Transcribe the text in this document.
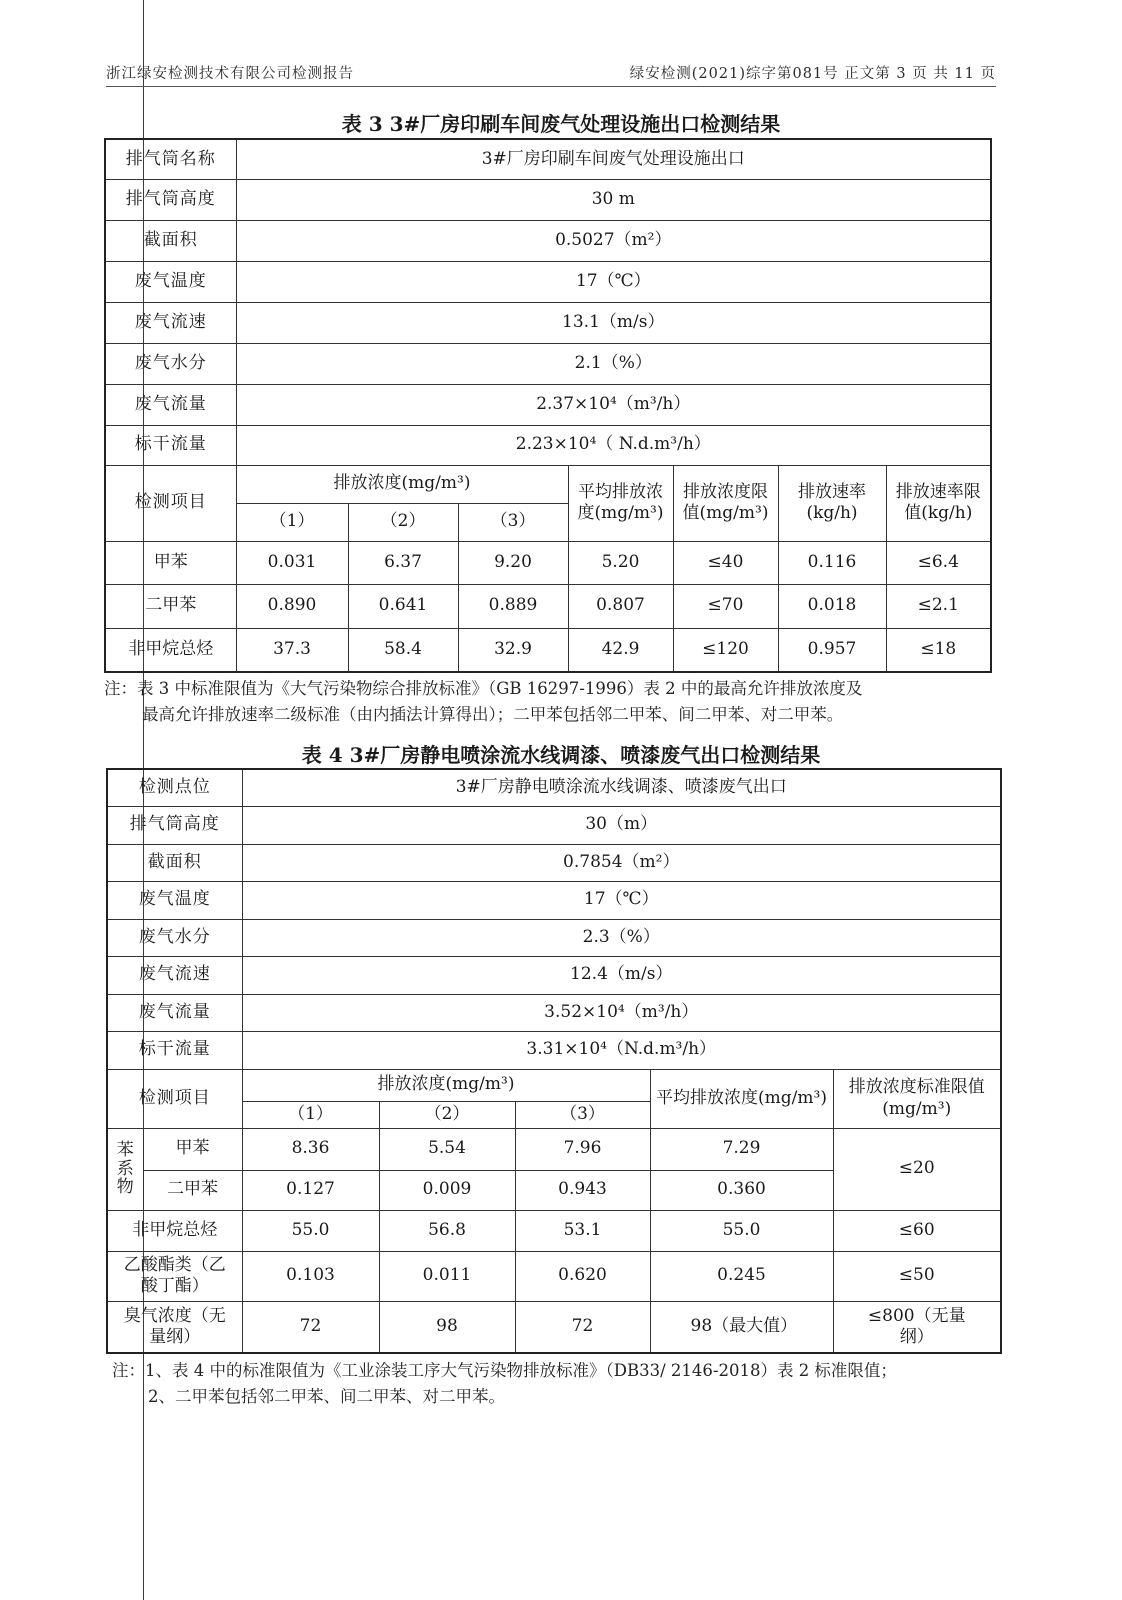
浙江绿安检测技术有限公司检测报告	绿安检测(2021)综字第081号 正文第 3 页 共 11 页
表 3 3#厂房印刷车间废气处理设施出口检测结果
排气筒名称	3#厂房印刷车间废气处理设施出口						
排气筒高度	30 m						
截面积	0.5027（m²）						
废气温度	17（℃）						
废气流速	13.1（m/s）						
废气水分	2.1（%）						
废气流量	2.37×10⁴（m³/h）						
标干流量	2.23×10⁴（ N.d.m³/h）						
检测项目	排放浓度(mg/m³)			平均排放浓度(mg/m³)	排放浓度限值(mg/m³)	排放速率(kg/h)	排放速率限值(kg/h)
	（1）	（2）	（3）				
甲苯	0.031	6.37	9.20	5.20	≤40	0.116	≤6.4
二甲苯	0.890	0.641	0.889	0.807	≤70	0.018	≤2.1
非甲烷总烃	37.3	58.4	32.9	42.9	≤120	0.957	≤18
注：表 3 中标准限值为《大气污染物综合排放标准》（GB 16297-1996）表 2 中的最高允许排放浓度及
最高允许排放速率二级标准（由内插法计算得出）；二甲苯包括邻二甲苯、间二甲苯、对二甲苯。
表 4 3#厂房静电喷涂流水线调漆、喷漆废气出口检测结果
检测点位		3#厂房静电喷涂流水线调漆、喷漆废气出口				
排气筒高度		30（m）				
截面积		0.7854（m²）				
废气温度		17（℃）				
废气水分		2.3（%）				
废气流速		12.4（m/s）				
废气流量		3.52×10⁴（m³/h）				
标干流量		3.31×10⁴（N.d.m³/h）				
检测项目		排放浓度(mg/m³)			平均排放浓度(mg/m³)	排放浓度标准限值(mg/m³)
		（1）	（2）	（3）		
苯系物	甲苯	8.36	5.54	7.96	7.29	≤20
	二甲苯	0.127	0.009	0.943	0.360	
非甲烷总烃		55.0	56.8	53.1	55.0	≤60
乙酸酯类（乙酸丁酯）		0.103	0.011	0.620	0.245	≤50
臭气浓度（无量纲）		72	98	72	98（最大值）	≤800（无量纲）
注：1、表 4 中的标准限值为《工业涂装工序大气污染物排放标准》（DB33/ 2146-2018）表 2 标准限值；
2、二甲苯包括邻二甲苯、间二甲苯、对二甲苯。
